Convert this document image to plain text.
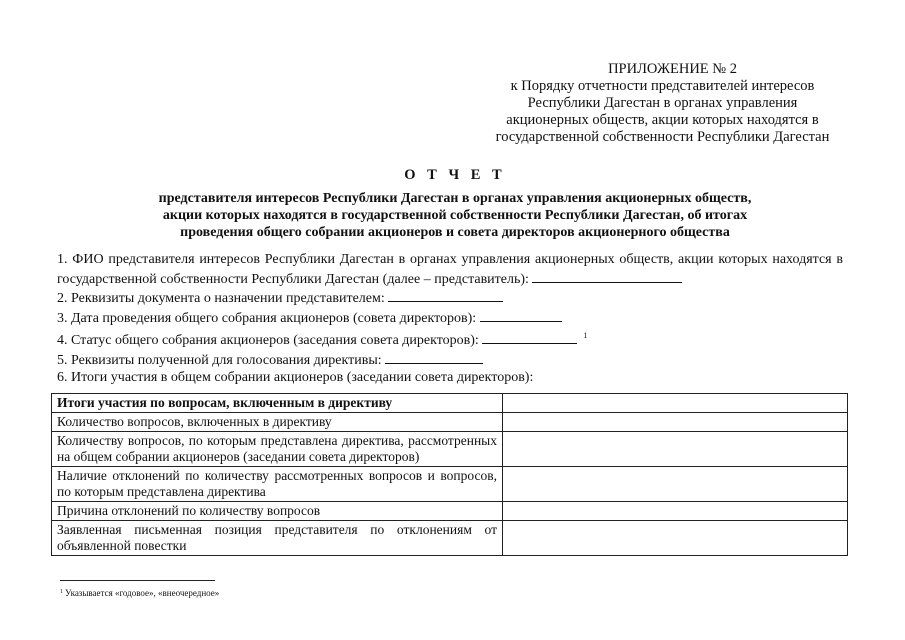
ПРИЛОЖЕНИЕ № 2
к Порядку отчетности представителей интересов
Республики Дагестан в органах управления
акционерных обществ, акции которых находятся в
государственной собственности Республики Дагестан
О Т Ч Е Т
представителя интересов Республики Дагестан в органах управления акционерных обществ,
акции которых находятся в государственной собственности Республики Дагестан, об итогах
проведения общего собрании акционеров и совета директоров акционерного общества
1. ФИО представителя интересов Республики Дагестан в органах управления акционерных обществ, акции которых находятся в государственной собственности Республики Дагестан (далее – представитель):
2. Реквизиты документа о назначении представителем:
3. Дата проведения общего собрания акционеров (совета директоров):
4. Статус общего собрания акционеров (заседания совета директоров):	$^1$
5. Реквизиты полученной для голосования директивы:
6. Итоги участия в общем собрании акционеров (заседании совета директоров):
Итоги участия по вопросам, включенным в директиву	
Количество вопросов, включенных в директиву	
Количеству вопросов, по которым представлена директива, рассмотренных на общем собрании акционеров (заседании совета директоров)	
Наличие отклонений по количеству рассмотренных вопросов и вопросов, по которым представлена директива	
Причина отклонений по количеству вопросов	
Заявленная письменная позиция представителя по отклонениям от объявленной повестки	
$^1$ Указывается «годовое», «внеочередное»
